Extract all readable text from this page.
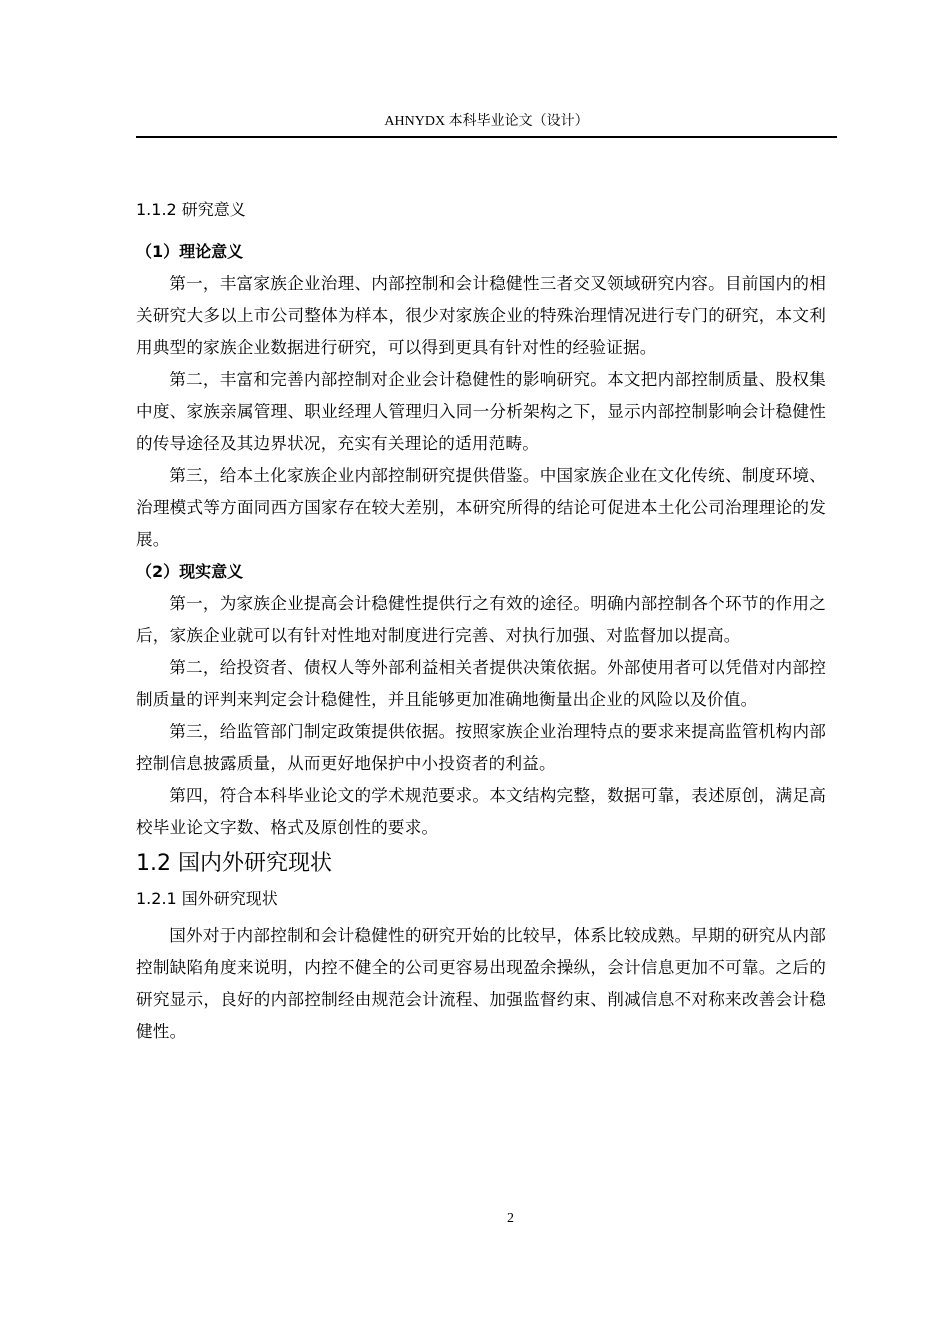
AHNYDX 本科毕业论文（设计）
1.1.2 研究意义
（1）理论意义

第一，丰富家族企业治理、内部控制和会计稳健性三者交叉领域研究内容。目前国内的相关研究大多以上市公司整体为样本，很少对家族企业的特殊治理情况进行专门的研究，本文利用典型的家族企业数据进行研究，可以得到更具有针对性的经验证据。

第二，丰富和完善内部控制对企业会计稳健性的影响研究。本文把内部控制质量、股权集中度、家族亲属管理、职业经理人管理归入同一分析架构之下，显示内部控制影响会计稳健性的传导途径及其边界状况，充实有关理论的适用范畴。

第三，给本土化家族企业内部控制研究提供借鉴。中国家族企业在文化传统、制度环境、治理模式等方面同西方国家存在较大差别，本研究所得的结论可促进本土化公司治理理论的发展。

（2）现实意义

第一，为家族企业提高会计稳健性提供行之有效的途径。明确内部控制各个环节的作用之后，家族企业就可以有针对性地对制度进行完善、对执行加强、对监督加以提高。

第二，给投资者、债权人等外部利益相关者提供决策依据。外部使用者可以凭借对内部控制质量的评判来判定会计稳健性，并且能够更加准确地衡量出企业的风险以及价值。

第三，给监管部门制定政策提供依据。按照家族企业治理特点的要求来提高监管机构内部控制信息披露质量，从而更好地保护中小投资者的利益。

第四，符合本科毕业论文的学术规范要求。本文结构完整，数据可靠，表述原创，满足高校毕业论文字数、格式及原创性的要求。

1.2 国内外研究现状
1.2.1 国外研究现状

国外对于内部控制和会计稳健性的研究开始的比较早，体系比较成熟。早期的研究从内部控制缺陷角度来说明，内控不健全的公司更容易出现盈余操纵，会计信息更加不可靠。之后的研究显示，良好的内部控制经由规范会计流程、加强监督约束、削减信息不对称来改善会计稳健性。

2
